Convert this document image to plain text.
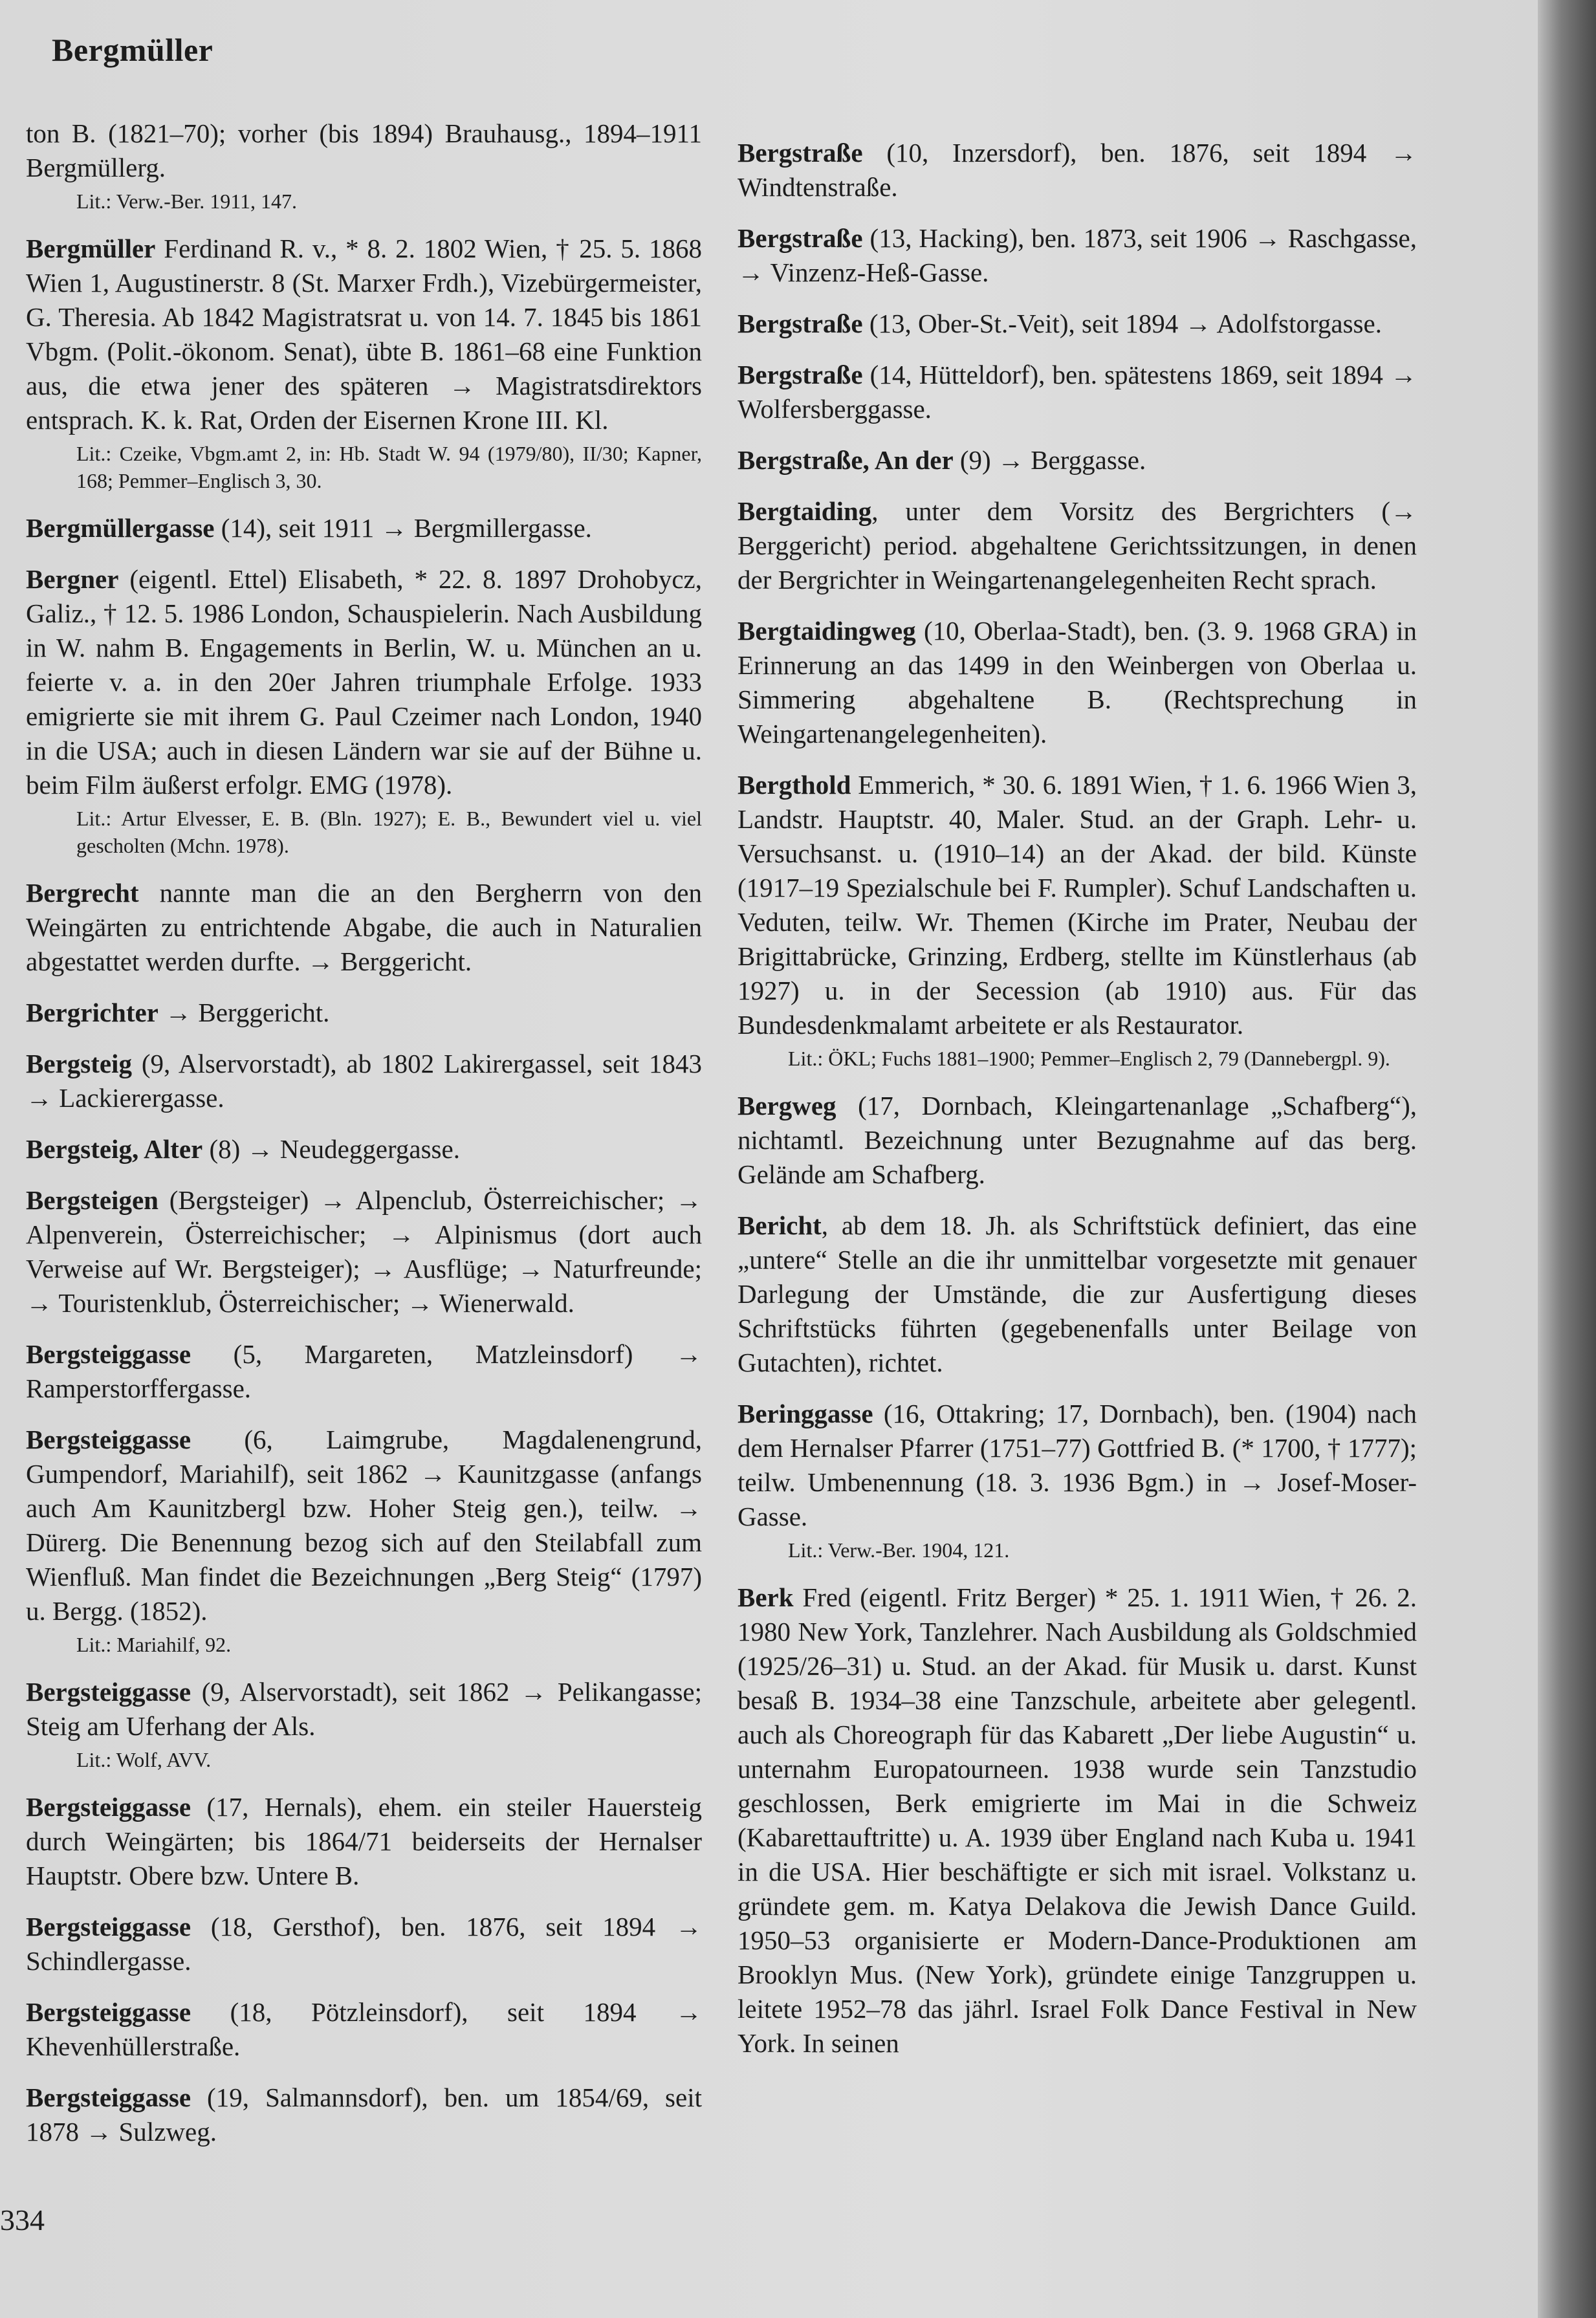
Bergmüller

ton B. (1821–70); vorher (bis 1894) Brauhausg., 1894–1911 Bergmüllerg.
Lit.: Verw.-Ber. 1911, 147.

Bergmüller Ferdinand R. v., * 8. 2. 1802 Wien, † 25. 5. 1868 Wien 1, Augustinerstr. 8 (St. Marxer Frdh.), Vizebürgermeister, G. Theresia. Ab 1842 Magistratsrat u. von 14. 7. 1845 bis 1861 Vbgm. (Polit.-ökonom. Senat), übte B. 1861–68 eine Funktion aus, die etwa jener des späteren → Magistratsdirektors entsprach. K. k. Rat, Orden der Eisernen Krone III. Kl.
Lit.: Czeike, Vbgm.amt 2, in: Hb. Stadt W. 94 (1979/80), II/30; Kapner, 168; Pemmer–Englisch 3, 30.

Bergmüllergasse (14), seit 1911 → Bergmillergasse.

Bergner (eigentl. Ettel) Elisabeth, * 22. 8. 1897 Drohobycz, Galiz., † 12. 5. 1986 London, Schauspielerin. Nach Ausbildung in W. nahm B. Engagements in Berlin, W. u. München an u. feierte v. a. in den 20er Jahren triumphale Erfolge. 1933 emigrierte sie mit ihrem G. Paul Czeimer nach London, 1940 in die USA; auch in diesen Ländern war sie auf der Bühne u. beim Film äußerst erfolgr. EMG (1978).
Lit.: Artur Elvesser, E. B. (Bln. 1927); E. B., Bewundert viel u. viel gescholten (Mchn. 1978).

Bergrecht nannte man die an den Bergherrn von den Weingärten zu entrichtende Abgabe, die auch in Naturalien abgestattet werden durfte. → Berggericht.

Bergrichter → Berggericht.

Bergsteig (9, Alservorstadt), ab 1802 Lakirergassel, seit 1843 → Lackierergasse.

Bergsteig, Alter (8) → Neudeggergasse.

Bergsteigen (Bergsteiger) → Alpenclub, Österreichischer; → Alpenverein, Österreichischer; → Alpinismus (dort auch Verweise auf Wr. Bergsteiger); → Ausflüge; → Naturfreunde; → Touristenklub, Österreichischer; → Wienerwald.

Bergsteiggasse (5, Margareten, Matzleinsdorf) → Ramperstorffergasse.

Bergsteiggasse (6, Laimgrube, Magdalenengrund, Gumpendorf, Mariahilf), seit 1862 → Kaunitzgasse (anfangs auch Am Kaunitzbergl bzw. Hoher Steig gen.), teilw. → Dürerg. Die Benennung bezog sich auf den Steilabfall zum Wienfluß. Man findet die Bezeichnungen „Berg Steig“ (1797) u. Bergg. (1852).
Lit.: Mariahilf, 92.

Bergsteiggasse (9, Alservorstadt), seit 1862 → Pelikangasse; Steig am Uferhang der Als.
Lit.: Wolf, AVV.

Bergsteiggasse (17, Hernals), ehem. ein steiler Hauersteig durch Weingärten; bis 1864/71 beiderseits der Hernalser Hauptstr. Obere bzw. Untere B.

Bergsteiggasse (18, Gersthof), ben. 1876, seit 1894 → Schindlergasse.

Bergsteiggasse (18, Pötzleinsdorf), seit 1894 → Khevenhüllerstraße.

Bergsteiggasse (19, Salmannsdorf), ben. um 1854/69, seit 1878 → Sulzweg.

Bergstraße (10, Inzersdorf), ben. 1876, seit 1894 → Windtenstraße.

Bergstraße (13, Hacking), ben. 1873, seit 1906 → Raschgasse, → Vinzenz-Heß-Gasse.

Bergstraße (13, Ober-St.-Veit), seit 1894 → Adolfstorgasse.

Bergstraße (14, Hütteldorf), ben. spätestens 1869, seit 1894 → Wolfersberggasse.

Bergstraße, An der (9) → Berggasse.

Bergtaiding, unter dem Vorsitz des Bergrichters (→ Berggericht) period. abgehaltene Gerichtssitzungen, in denen der Bergrichter in Weingartenangelegenheiten Recht sprach.

Bergtaidingweg (10, Oberlaa-Stadt), ben. (3. 9. 1968 GRA) in Erinnerung an das 1499 in den Weinbergen von Oberlaa u. Simmering abgehaltene B. (Rechtsprechung in Weingartenangelegenheiten).

Bergthold Emmerich, * 30. 6. 1891 Wien, † 1. 6. 1966 Wien 3, Landstr. Hauptstr. 40, Maler. Stud. an der Graph. Lehr- u. Versuchsanst. u. (1910–14) an der Akad. der bild. Künste (1917–19 Spezialschule bei F. Rumpler). Schuf Landschaften u. Veduten, teilw. Wr. Themen (Kirche im Prater, Neubau der Brigittabrücke, Grinzing, Erdberg, stellte im Künstlerhaus (ab 1927) u. in der Secession (ab 1910) aus. Für das Bundesdenkmalamt arbeitete er als Restaurator.
Lit.: ÖKL; Fuchs 1881–1900; Pemmer–Englisch 2, 79 (Dannebergpl. 9).

Bergweg (17, Dornbach, Kleingartenanlage „Schafberg“), nichtamtl. Bezeichnung unter Bezugnahme auf das berg. Gelände am Schafberg.

Bericht, ab dem 18. Jh. als Schriftstück definiert, das eine „untere“ Stelle an die ihr unmittelbar vorgesetzte mit genauer Darlegung der Umstände, die zur Ausfertigung dieses Schriftstücks führten (gegebenenfalls unter Beilage von Gutachten), richtet.

Beringgasse (16, Ottakring; 17, Dornbach), ben. (1904) nach dem Hernalser Pfarrer (1751–77) Gottfried B. (* 1700, † 1777); teilw. Umbenennung (18. 3. 1936 Bgm.) in → Josef-Moser-Gasse.
Lit.: Verw.-Ber. 1904, 121.

Berk Fred (eigentl. Fritz Berger) * 25. 1. 1911 Wien, † 26. 2. 1980 New York, Tanzlehrer. Nach Ausbildung als Goldschmied (1925/26–31) u. Stud. an der Akad. für Musik u. darst. Kunst besaß B. 1934–38 eine Tanzschule, arbeitete aber gelegentl. auch als Choreograph für das Kabarett „Der liebe Augustin“ u. unternahm Europatourneen. 1938 wurde sein Tanzstudio geschlossen, Berk emigrierte im Mai in die Schweiz (Kabarettauftritte) u. A. 1939 über England nach Kuba u. 1941 in die USA. Hier beschäftigte er sich mit israel. Volkstanz u. gründete gem. m. Katya Delakova die Jewish Dance Guild. 1950–53 organisierte er Modern-Dance-Produktionen am Brooklyn Mus. (New York), gründete einige Tanzgruppen u. leitete 1952–78 das jährl. Israel Folk Dance Festival in New York. In seinen

334
